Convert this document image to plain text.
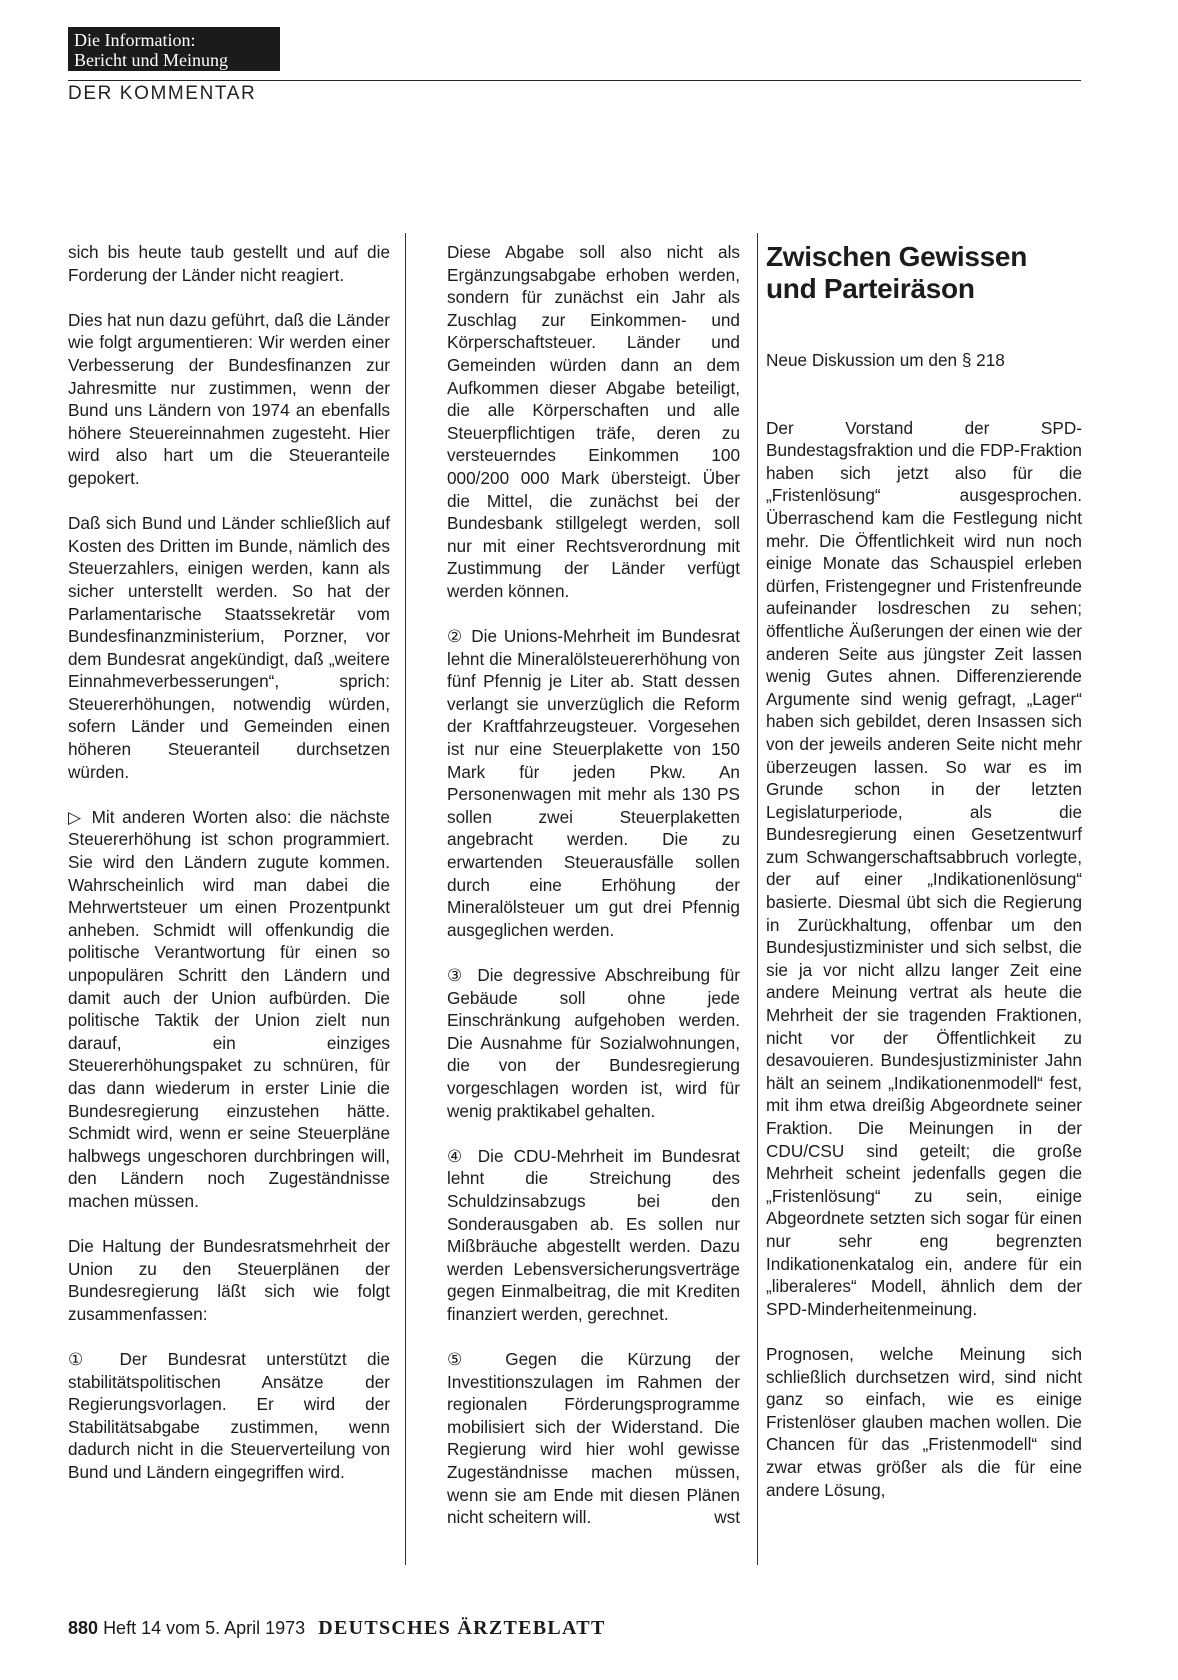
Die Information:
Bericht und Meinung
DER KOMMENTAR

sich bis heute taub gestellt und auf die Forderung der Länder nicht reagiert.

Dies hat nun dazu geführt, daß die Länder wie folgt argumentieren: Wir werden einer Verbesserung der Bundesfinanzen zur Jahresmitte nur zustimmen, wenn der Bund uns Ländern von 1974 an ebenfalls höhere Steuereinnahmen zugesteht. Hier wird also hart um die Steueranteile gepokert.

Daß sich Bund und Länder schließlich auf Kosten des Dritten im Bunde, nämlich des Steuerzahlers, einigen werden, kann als sicher unterstellt werden. So hat der Parlamentarische Staatssekretär vom Bundesfinanzministerium, Porzner, vor dem Bundesrat angekündigt, daß „weitere Einnahmeverbesserungen“, sprich: Steuererhöhungen, notwendig würden, sofern Länder und Gemeinden einen höheren Steueranteil durchsetzen würden.

▷ Mit anderen Worten also: die nächste Steuererhöhung ist schon programmiert. Sie wird den Ländern zugute kommen. Wahrscheinlich wird man dabei die Mehrwertsteuer um einen Prozentpunkt anheben. Schmidt will offenkundig die politische Verantwortung für einen so unpopulären Schritt den Ländern und damit auch der Union aufbürden. Die politische Taktik der Union zielt nun darauf, ein einziges Steuererhöhungspaket zu schnüren, für das dann wiederum in erster Linie die Bundesregierung einzustehen hätte. Schmidt wird, wenn er seine Steuerpläne halbwegs ungeschoren durchbringen will, den Ländern noch Zugeständnisse machen müssen.

Die Haltung der Bundesratsmehrheit der Union zu den Steuerplänen der Bundesregierung läßt sich wie folgt zusammenfassen:

① Der Bundesrat unterstützt die stabilitätspolitischen Ansätze der Regierungsvorlagen. Er wird der Stabilitätsabgabe zustimmen, wenn dadurch nicht in die Steuerverteilung von Bund und Ländern eingegriffen wird.

Diese Abgabe soll also nicht als Ergänzungsabgabe erhoben werden, sondern für zunächst ein Jahr als Zuschlag zur Einkommen- und Körperschaftsteuer. Länder und Gemeinden würden dann an dem Aufkommen dieser Abgabe beteiligt, die alle Körperschaften und alle Steuerpflichtigen träfe, deren zu versteuerndes Einkommen 100 000/200 000 Mark übersteigt. Über die Mittel, die zunächst bei der Bundesbank stillgelegt werden, soll nur mit einer Rechtsverordnung mit Zustimmung der Länder verfügt werden können.

② Die Unions-Mehrheit im Bundesrat lehnt die Mineralölsteuererhöhung von fünf Pfennig je Liter ab. Statt dessen verlangt sie unverzüglich die Reform der Kraftfahrzeugsteuer. Vorgesehen ist nur eine Steuerplakette von 150 Mark für jeden Pkw. An Personenwagen mit mehr als 130 PS sollen zwei Steuerplaketten angebracht werden. Die zu erwartenden Steuerausfälle sollen durch eine Erhöhung der Mineralölsteuer um gut drei Pfennig ausgeglichen werden.

③ Die degressive Abschreibung für Gebäude soll ohne jede Einschränkung aufgehoben werden. Die Ausnahme für Sozialwohnungen, die von der Bundesregierung vorgeschlagen worden ist, wird für wenig praktikabel gehalten.

④ Die CDU-Mehrheit im Bundesrat lehnt die Streichung des Schuldzinsabzugs bei den Sonderausgaben ab. Es sollen nur Mißbräuche abgestellt werden. Dazu werden Lebensversicherungsverträge gegen Einmalbeitrag, die mit Krediten finanziert werden, gerechnet.

⑤ Gegen die Kürzung der Investitionszulagen im Rahmen der regionalen Förderungsprogramme mobilisiert sich der Widerstand. Die Regierung wird hier wohl gewisse Zugeständnisse machen müssen, wenn sie am Ende mit diesen Plänen nicht scheitern will.	wst

Zwischen Gewissen und Parteiräson

Neue Diskussion um den § 218

Der Vorstand der SPD-Bundestagsfraktion und die FDP-Fraktion haben sich jetzt also für die „Fristenlösung“ ausgesprochen. Überraschend kam die Festlegung nicht mehr. Die Öffentlichkeit wird nun noch einige Monate das Schauspiel erleben dürfen, Fristengegner und Fristenfreunde aufeinander losdreschen zu sehen; öffentliche Äußerungen der einen wie der anderen Seite aus jüngster Zeit lassen wenig Gutes ahnen. Differenzierende Argumente sind wenig gefragt, „Lager“ haben sich gebildet, deren Insassen sich von der jeweils anderen Seite nicht mehr überzeugen lassen. So war es im Grunde schon in der letzten Legislaturperiode, als die Bundesregierung einen Gesetzentwurf zum Schwangerschaftsabbruch vorlegte, der auf einer „Indikationenlösung“ basierte. Diesmal übt sich die Regierung in Zurückhaltung, offenbar um den Bundesjustizminister und sich selbst, die sie ja vor nicht allzu langer Zeit eine andere Meinung vertrat als heute die Mehrheit der sie tragenden Fraktionen, nicht vor der Öffentlichkeit zu desavouieren. Bundesjustizminister Jahn hält an seinem „Indikationenmodell“ fest, mit ihm etwa dreißig Abgeordnete seiner Fraktion. Die Meinungen in der CDU/CSU sind geteilt; die große Mehrheit scheint jedenfalls gegen die „Fristenlösung“ zu sein, einige Abgeordnete setzten sich sogar für einen nur sehr eng begrenzten Indikationenkatalog ein, andere für ein „liberaleres“ Modell, ähnlich dem der SPD-Minderheitenmeinung.

Prognosen, welche Meinung sich schließlich durchsetzen wird, sind nicht ganz so einfach, wie es einige Fristenlöser glauben machen wollen. Die Chancen für das „Fristenmodell“ sind zwar etwas größer als die für eine andere Lösung,

880 Heft 14 vom 5. April 1973 DEUTSCHES ÄRZTEBLATT
